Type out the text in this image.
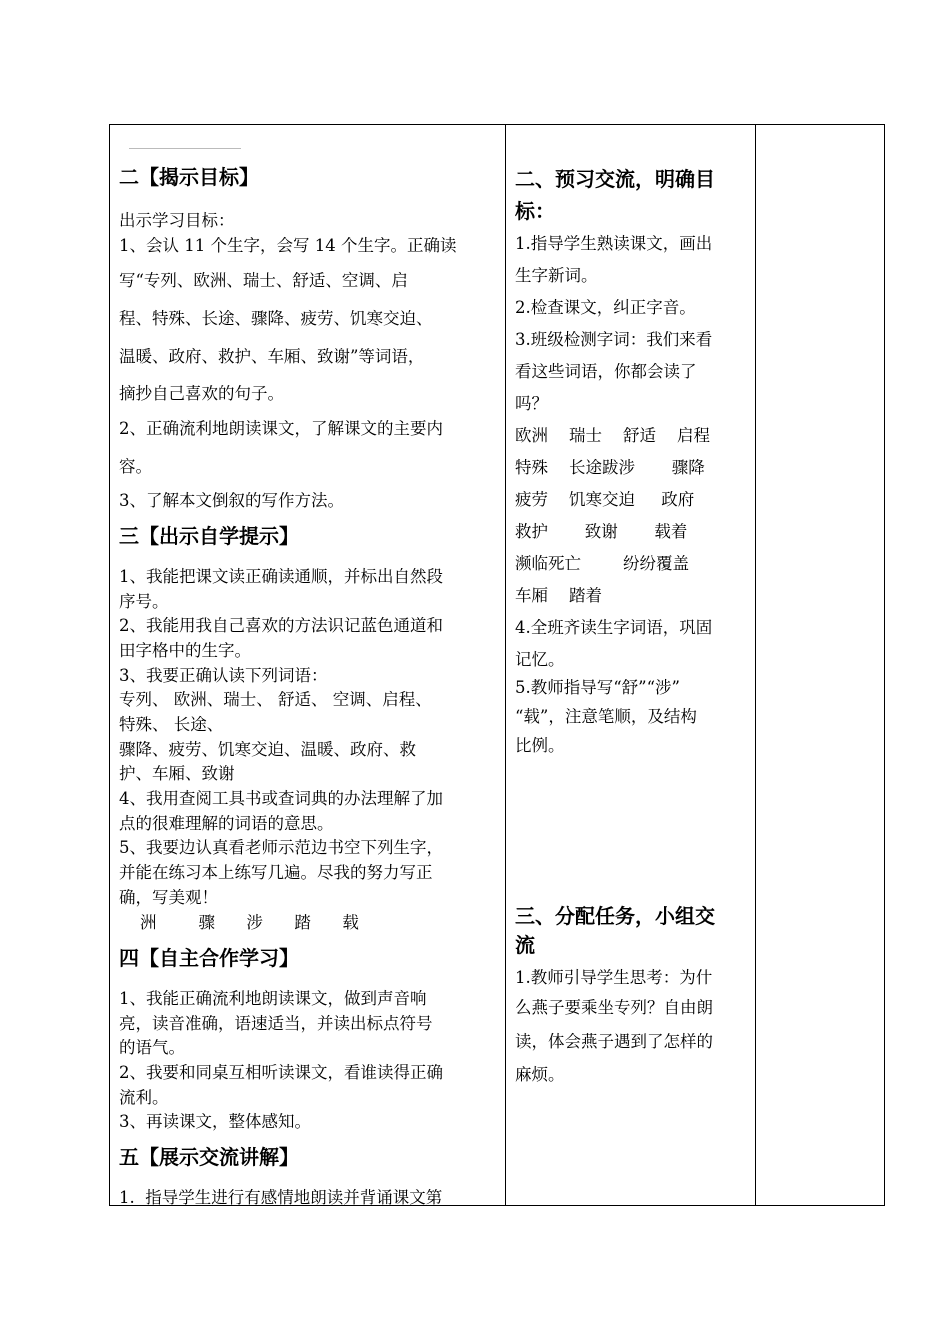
二【揭示目标】
出示学习目标：
1、会认 11 个生字，会写 14 个生字。正确读
写“专列、欧洲、瑞士、舒适、空调、启
程、特殊、长途、骤降、疲劳、饥寒交迫、
温暖、政府、救护、车厢、致谢”等词语，
摘抄自己喜欢的句子。
2、正确流利地朗读课文，了解课文的主要内
容。
3、了解本文倒叙的写作方法。
三【出示自学提示】
1、我能把课文读正确读通顺，并标出自然段
序号。
2、我能用我自己喜欢的方法识记蓝色通道和
田字格中的生字。
3、我要正确认读下列词语：
专列、 欧洲、瑞士、 舒适、 空调、启程、
特殊、 长途、
骤降、疲劳、饥寒交迫、温暖、政府、救
护、车厢、致谢
4、我用查阅工具书或查词典的办法理解了加
点的很难理解的词语的意思。
5、我要边认真看老师示范边书空下列生字，
并能在练习本上练写几遍。尽我的努力写正
确，写美观！
洲        骤      涉      踏      载
四【自主合作学习】
1、我能正确流利地朗读课文，做到声音响
亮，读音准确，语速适当，并读出标点符号
的语气。
2、我要和同桌互相听读课文，看谁读得正确
流利。
3、再读课文，整体感知。
五【展示交流讲解】
1.  指导学生进行有感情地朗读并背诵课文第
二、预习交流，明确目
标：
1.指导学生熟读课文，画出
生字新词。
2.检查课文，纠正字音。
3.班级检测字词：我们来看
看这些词语，你都会读了
吗？
欧洲    瑞士    舒适    启程
特殊    长途跋涉       骤降
疲劳    饥寒交迫     政府
救护       致谢       载着
濒临死亡        纷纷覆盖
车厢    踏着
4.全班齐读生字词语，巩固
记忆。
5.教师指导写“舒”“涉”
“载”，注意笔顺，及结构
比例。
三、分配任务，小组交
流
1.教师引导学生思考：为什
么燕子要乘坐专列？自由朗
读，体会燕子遇到了怎样的
麻烦。
